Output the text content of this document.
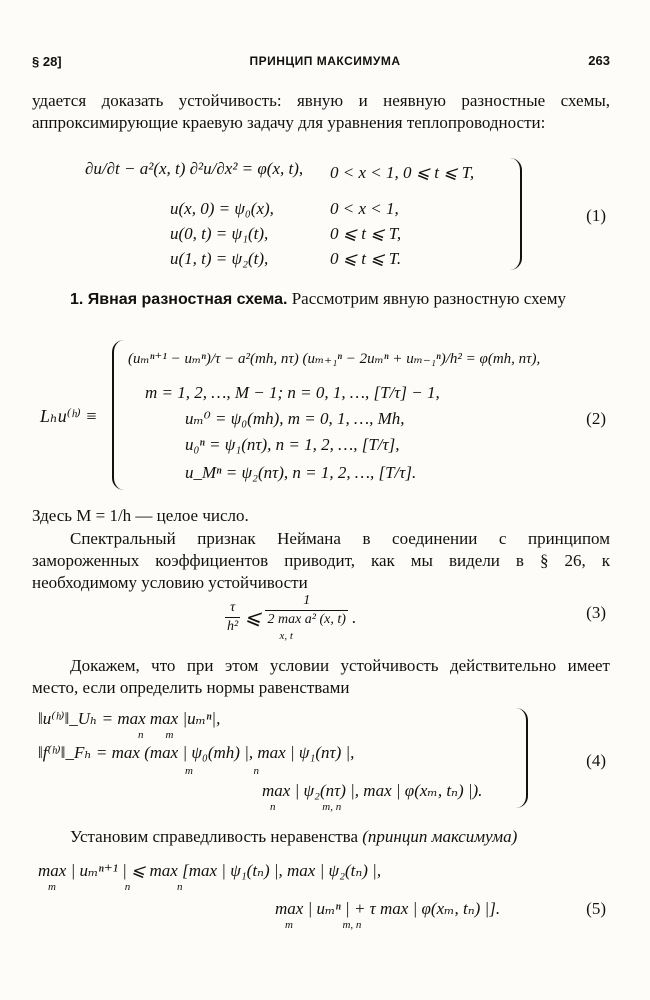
§ 28]	ПРИНЦИП МАКСИМУМА	263
удается доказать устойчивость: явную и неявную разностные схемы, аппроксимирующие краевую задачу для уравнения теплопроводности:
∂u/∂t − a²(x, t) ∂²u/∂x² = φ(x, t), 0 < x < 1, 0 ⩽ t ⩽ T,
u(x, 0) = ψ₀(x),	0 < x < 1,
u(0, t) = ψ₁(t),	0 ⩽ t ⩽ T,
u(1, t) = ψ₂(t),	0 ⩽ t ⩽ T.
(1)
1. Явная разностная схема. Рассмотрим явную разностную схему
Lₕu⁽ʰ⁾ ≡
(uₘⁿ⁺¹ − uₘⁿ)/τ − a²(mh, nτ) (uₘ₊₁ⁿ − 2uₘⁿ + uₘ₋₁ⁿ)/h² = φ(mh, nτ),
m = 1, 2, …, M − 1; n = 0, 1, …, [T/τ] − 1,
uₘ⁰ = ψ₀(mh), m = 0, 1, …, Mh,
u₀ⁿ = ψ₁(nτ), n = 1, 2, …, [T/τ],
u_Mⁿ = ψ₂(nτ), n = 1, 2, …, [T/τ].
(2)
Здесь M = 1/h — целое число.
Спектральный признак Неймана в соединении с принципом замороженных коэффициентов приводит, как мы видели в § 26, к необходимому условию устойчивости
$\frac{\tau}{\text{h²}}$ ⩽
1
2 max a² (x, t)
x, t
.	(3)
Докажем, что при этом условии устойчивость действительно имеет место, если определить нормы равенствами
‖u⁽ʰ⁾‖_Uₕ = max max |uₘⁿ|,
n        m
‖f⁽ʰ⁾‖_Fₕ = max (max | ψ₀(mh) |, max | ψ₁(nτ) |,
m                      n
max | ψ₂(nτ) |, max | φ(xₘ, tₙ) |).
n                 m, n
(4)
Установим справедливость неравенства (принцип максимума)
max | uₘⁿ⁺¹ | ⩽ max [max | ψ₁(tₙ) |, max | ψ₂(tₙ) |,
m                         n                 n
max | uₘⁿ | + τ max | φ(xₘ, tₙ) |].
m                  m, n
(5)
